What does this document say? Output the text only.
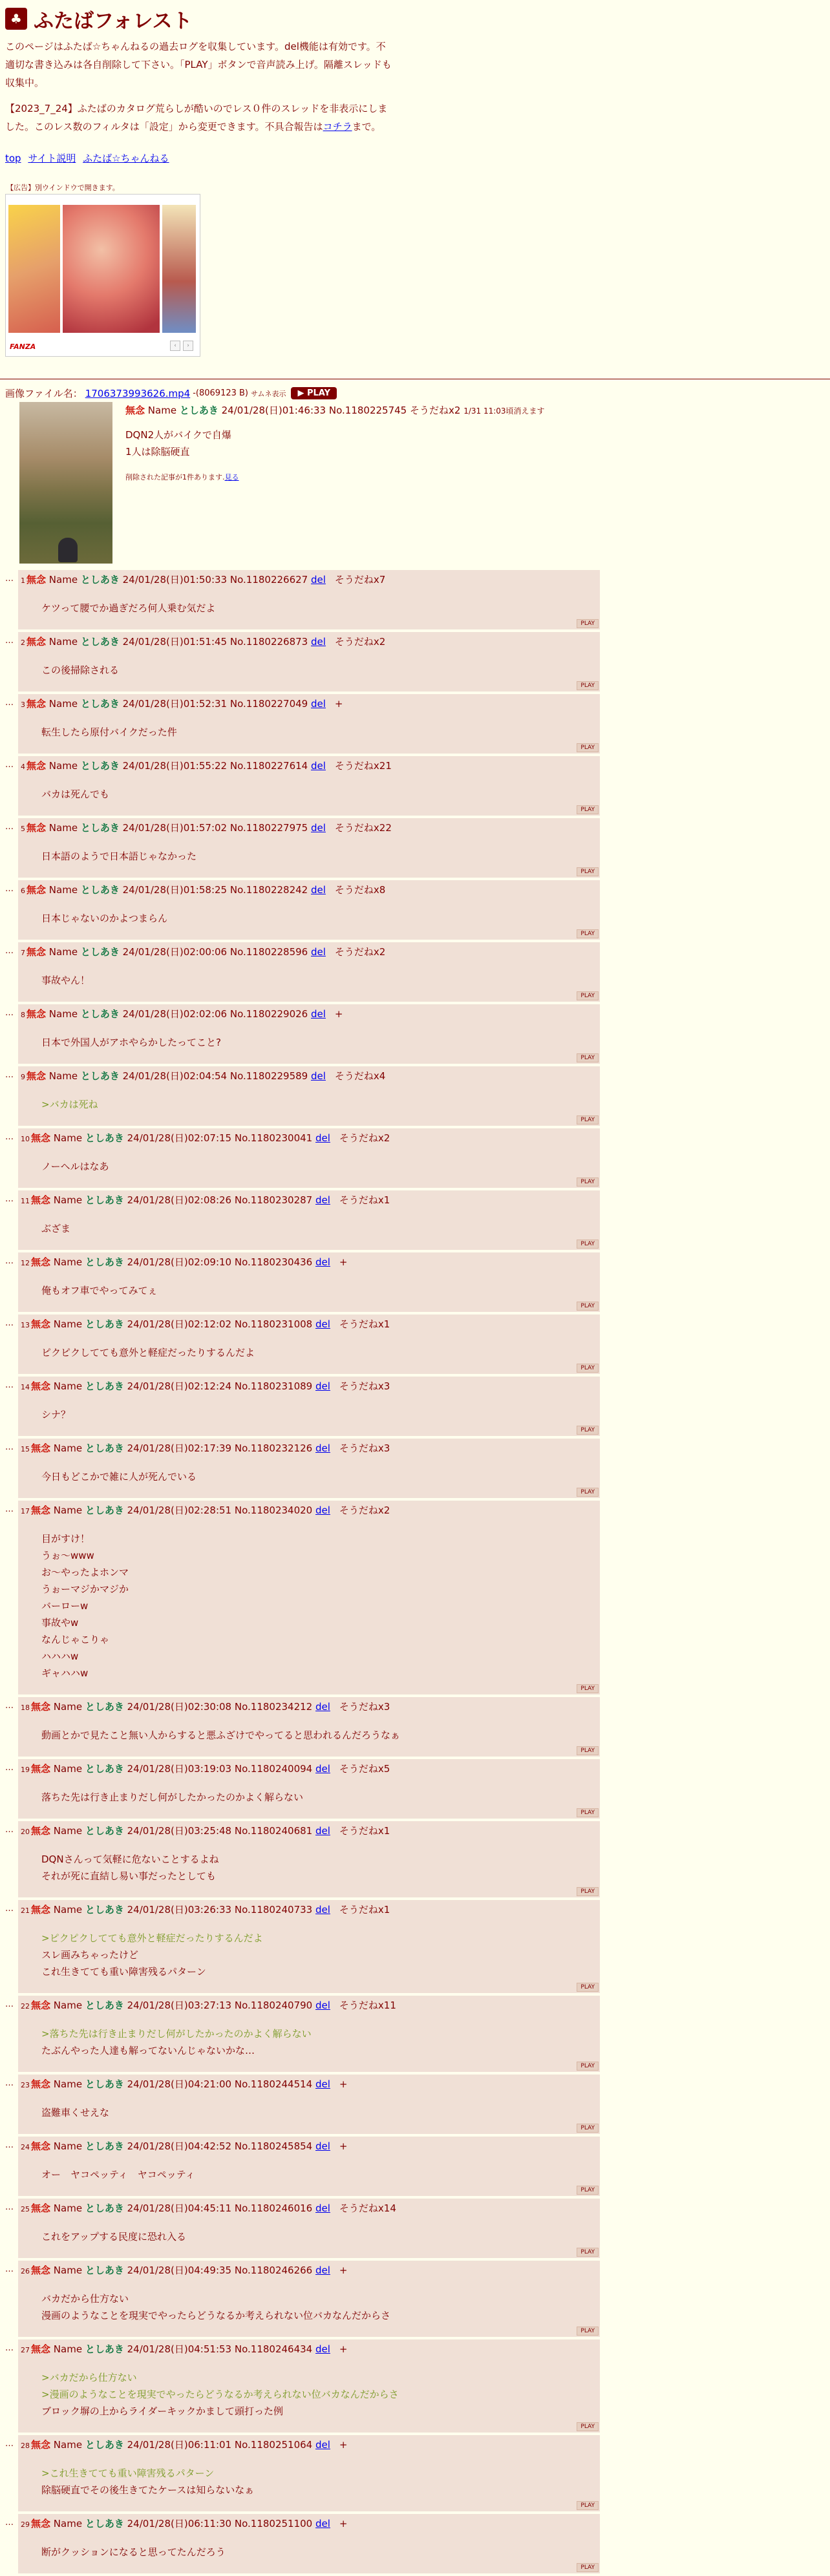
♣ ふたばフォレスト

このページはふたば☆ちゃんねるの過去ログを収集しています。del機能は有効です。不適切な書き込みは各自削除して下さい。「PLAY」ボタンで音声読み上げ。隔離スレッドも収集中。

【2023_7_24】ふたばのカタログ荒らしが酷いのでレス０件のスレッドを非表示にしました。このレス数のフィルタは「設定」から変更できます。不具合報告はコチラまで。

top サイト説明 ふたば☆ちゃんねる
【広告】別ウインドウで開きます。
FANZA	‹	›
画像ファイル名： 1706373993626.mp4 -(8069123 B) サムネ表示	▶ PLAY
無念 Name としあき 24/01/28(日)01:46:33 No.1180225745 そうだねx2 1/31 11:03頃消えます
DQN2人がバイクで自爆
1人は除脳硬直
削除された記事が1件あります.見る
…	1 無念 Name としあき 24/01/28(日)01:50:33 No.1180226627 del そうだねx7
ケツって腰でか過ぎだろ何人乗む気だよ
PLAY
…	2 無念 Name としあき 24/01/28(日)01:51:45 No.1180226873 del そうだねx2
この後掃除される
PLAY
…	3 無念 Name としあき 24/01/28(日)01:52:31 No.1180227049 del +
転生したら原付バイクだった件
PLAY
…	4 無念 Name としあき 24/01/28(日)01:55:22 No.1180227614 del そうだねx21
バカは死んでも
PLAY
…	5 無念 Name としあき 24/01/28(日)01:57:02 No.1180227975 del そうだねx22
日本語のようで日本語じゃなかった
PLAY
…	6 無念 Name としあき 24/01/28(日)01:58:25 No.1180228242 del そうだねx8
日本じゃないのかよつまらん
PLAY
…	7 無念 Name としあき 24/01/28(日)02:00:06 No.1180228596 del そうだねx2
事故やん！
PLAY
…	8 無念 Name としあき 24/01/28(日)02:02:06 No.1180229026 del +
日本で外国人がアホやらかしたってこと?
PLAY
…	9 無念 Name としあき 24/01/28(日)02:04:54 No.1180229589 del そうだねx4
>バカは死ね
PLAY
…	10 無念 Name としあき 24/01/28(日)02:07:15 No.1180230041 del そうだねx2
ノーヘルはなあ
PLAY
…	11 無念 Name としあき 24/01/28(日)02:08:26 No.1180230287 del そうだねx1
ぶざま
PLAY
…	12 無念 Name としあき 24/01/28(日)02:09:10 No.1180230436 del +
俺もオフ車でやってみてぇ
PLAY
…	13 無念 Name としあき 24/01/28(日)02:12:02 No.1180231008 del そうだねx1
ピクピクしてても意外と軽症だったりするんだよ
PLAY
…	14 無念 Name としあき 24/01/28(日)02:12:24 No.1180231089 del そうだねx3
シナ？
PLAY
…	15 無念 Name としあき 24/01/28(日)02:17:39 No.1180232126 del そうだねx3
今日もどこかで雑に人が死んでいる
PLAY
…	17 無念 Name としあき 24/01/28(日)02:28:51 No.1180234020 del そうだねx2
目がすけ！
うぉ〜www
お〜やったよホンマ
うぉーマジかマジか
バーローw
事故やw
なんじゃこりゃ
ハハハw
ギャハハw
PLAY
…	18 無念 Name としあき 24/01/28(日)02:30:08 No.1180234212 del そうだねx3
動画とかで見たこと無い人からすると悪ふざけでやってると思われるんだろうなぁ
PLAY
…	19 無念 Name としあき 24/01/28(日)03:19:03 No.1180240094 del そうだねx5
落ちた先は行き止まりだし何がしたかったのかよく解らない
PLAY
…	20 無念 Name としあき 24/01/28(日)03:25:48 No.1180240681 del そうだねx1
DQNさんって気軽に危ないことするよね
それが死に直結し易い事だったとしても
PLAY
…	21 無念 Name としあき 24/01/28(日)03:26:33 No.1180240733 del そうだねx1
>ピクピクしてても意外と軽症だったりするんだよ
スレ画みちゃったけど
これ生きてても重い障害残るパターン
PLAY
…	22 無念 Name としあき 24/01/28(日)03:27:13 No.1180240790 del そうだねx11
>落ちた先は行き止まりだし何がしたかったのかよく解らない
たぶんやった人達も解ってないんじゃないかな…
PLAY
…	23 無念 Name としあき 24/01/28(日)04:21:00 No.1180244514 del +
盗難車くせえな
PLAY
…	24 無念 Name としあき 24/01/28(日)04:42:52 No.1180245854 del +
オー　ヤコペッティ　ヤコペッティ
PLAY
…	25 無念 Name としあき 24/01/28(日)04:45:11 No.1180246016 del そうだねx14
これをアップする民度に恐れ入る
PLAY
…	26 無念 Name としあき 24/01/28(日)04:49:35 No.1180246266 del +
バカだから仕方ない
漫画のようなことを現実でやったらどうなるか考えられない位バカなんだからさ
PLAY
…	27 無念 Name としあき 24/01/28(日)04:51:53 No.1180246434 del +
>バカだから仕方ない
>漫画のようなことを現実でやったらどうなるか考えられない位バカなんだからさ
ブロック塀の上からライダーキックかまして頭打った例
PLAY
…	28 無念 Name としあき 24/01/28(日)06:11:01 No.1180251064 del +
>これ生きてても重い障害残るパターン
除脳硬直でその後生きてたケースは知らないなぁ
PLAY
…	29 無念 Name としあき 24/01/28(日)06:11:30 No.1180251100 del +
断がクッションになると思ってたんだろう
PLAY
